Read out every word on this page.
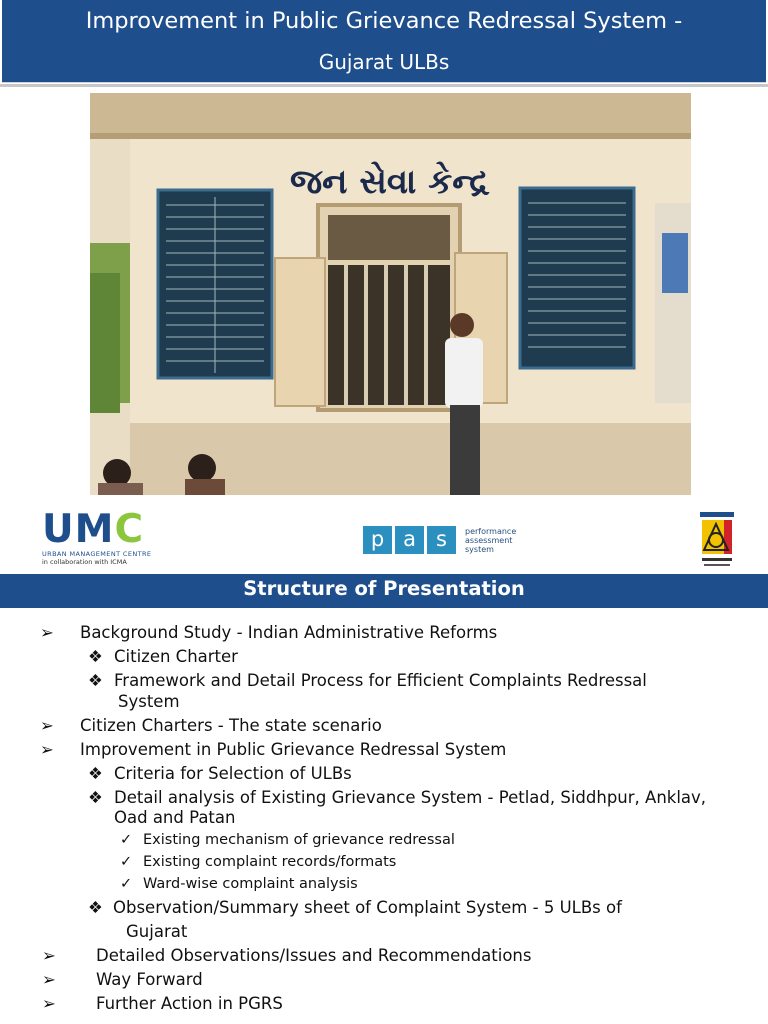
Improvement in Public Grievance Redressal System -
Gujarat ULBs
જન સેવા કેન્દ્ર
UMC
URBAN MANAGEMENT CENTRE
in collaboration with ICMA
p a s	performance
assessment
system
Structure of Presentation
➢ Background Study - Indian Administrative Reforms
❖ Citizen Charter
❖ Framework and Detail Process for Efficient Complaints Redressal
System
➢ Citizen Charters - The state scenario
➢ Improvement in Public Grievance Redressal System
❖ Criteria for Selection of ULBs
❖ Detail analysis of Existing Grievance System - Petlad, Siddhpur, Anklav,
Oad and Patan
✓ Existing mechanism of grievance redressal
✓ Existing complaint records/formats
✓ Ward-wise complaint analysis
❖ Observation/Summary sheet of Complaint System - 5 ULBs of
Gujarat
➢ Detailed Observations/Issues and Recommendations
➢ Way Forward
➢ Further Action in PGRS
